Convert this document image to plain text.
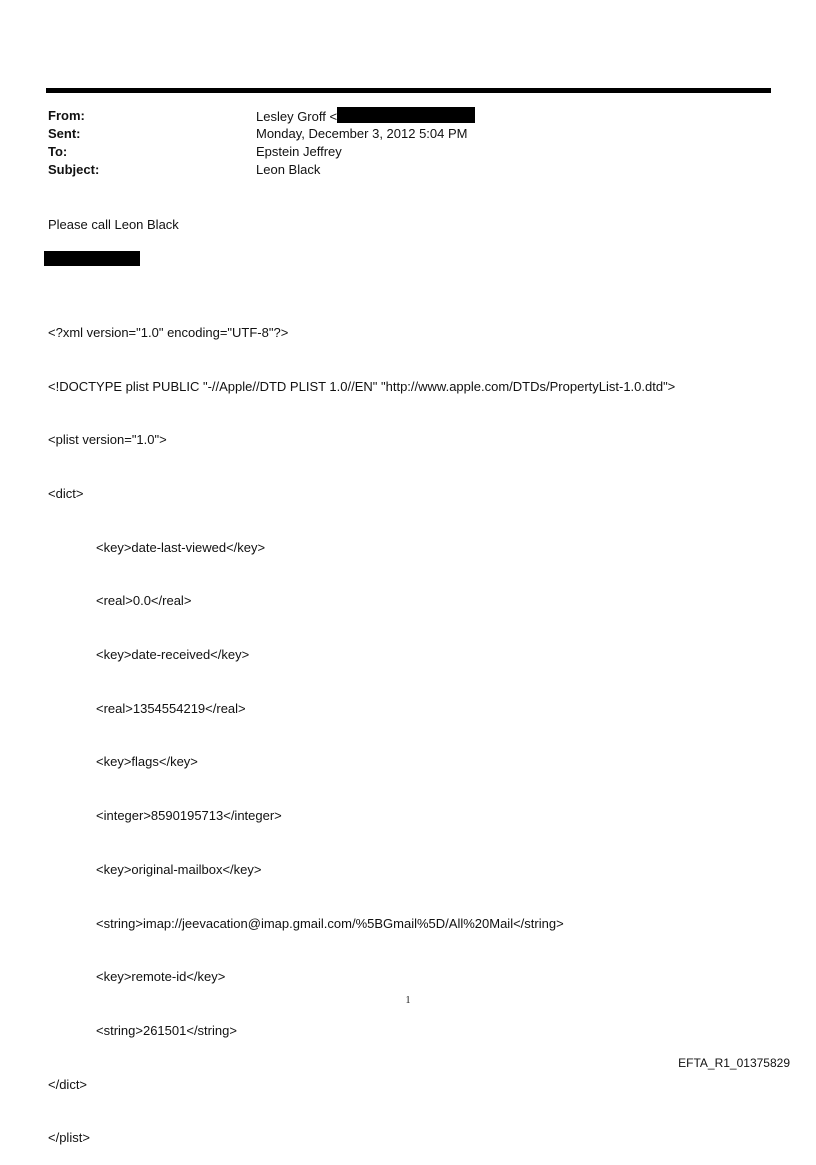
From:	Lesley Groff <
Sent:	Monday, December 3, 2012 5:04 PM
To:	Epstein Jeffrey
Subject:	Leon Black
Please call Leon Black

<?xml version="1.0" encoding="UTF-8"?>

<!DOCTYPE plist PUBLIC "-//Apple//DTD PLIST 1.0//EN" "http://www.apple.com/DTDs/PropertyList-1.0.dtd">

<plist version="1.0">

<dict>

<key>date-last-viewed</key>

<real>0.0</real>

<key>date-received</key>

<real>1354554219</real>

<key>flags</key>

<integer>8590195713</integer>

<key>original-mailbox</key>

<string>imap://jeevacation@imap.gmail.com/%5BGmail%5D/All%20Mail</string>

<key>remote-id</key>

<string>261501</string>

</dict>

</plist>

1
EFTA_R1_01375829
